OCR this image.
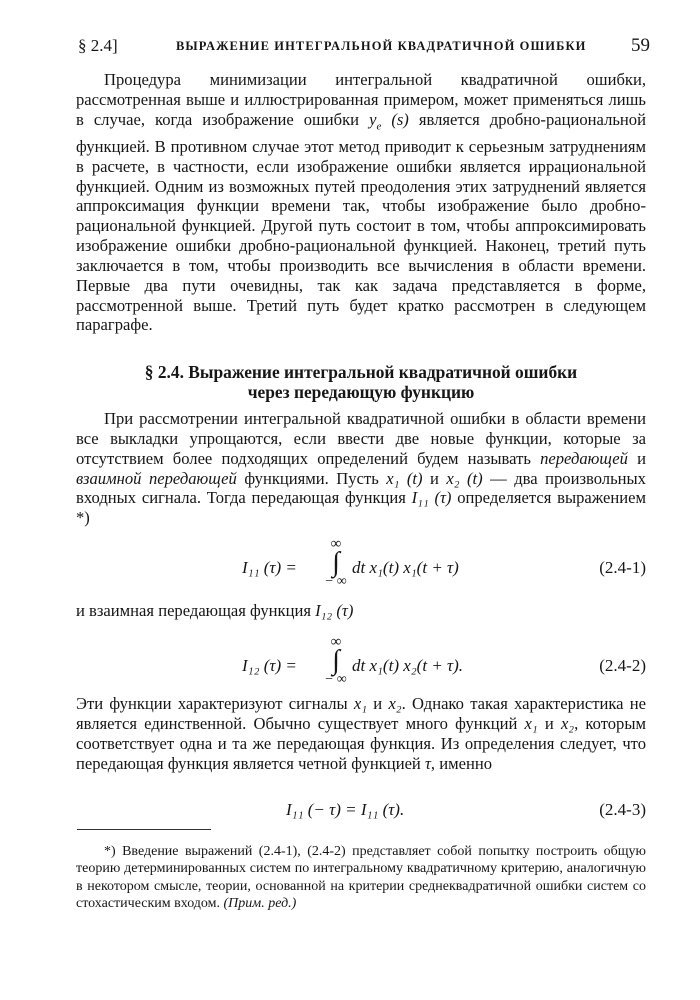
§ 2.4]	ВЫРАЖЕНИЕ ИНТЕГРАЛЬНОЙ КВАДРАТИЧНОЙ ОШИБКИ 59

Процедура минимизации интегральной квадратичной ошибки, рассмотренная выше и иллюстрированная примером, может применяться лишь в случае, когда изображение ошибки $y_e$ (s) является дробно-рациональной функцией. В противном случае этот метод приводит к серьезным затруднениям в расчете, в частности, если изображение ошибки является иррациональной функцией. Одним из возможных путей преодоления этих затруднений является аппроксимация функции времени так, чтобы изображение было дробно-рациональной функцией. Другой путь состоит в том, чтобы аппроксимировать изображение ошибки дробно-рациональной функцией. Наконец, третий путь заключается в том, чтобы производить все вычисления в области времени. Первые два пути очевидны, так как задача представляется в форме, рассмотренной выше. Третий путь будет кратко рассмотрен в следующем параграфе.

§ 2.4. Выражение интегральной квадратичной ошибки
через передающую функцию

При рассмотрении интегральной квадратичной ошибки в области времени все выкладки упрощаются, если ввести две новые функции, которые за отсутствием более подходящих определений будем называть передающей и взаимной передающей функциями. Пусть x₁ (t) и x₂ (t) — два произвольных входных сигнала. Тогда передающая функция I₁₁ (τ) определяется выражением *)

I₁₁ (τ) =
∞
∫
− ∞
dt x₁(t) x₁(t + τ)	(2.4-1)
и взаимная передающая функция I₁₂ (τ)
I₁₂ (τ) =
∞
∫
− ∞
dt x₁(t) x₂(t + τ).	(2.4-2)

Эти функции характеризуют сигналы x₁ и x₂. Однако такая характеристика не является единственной. Обычно существует много функций x₁ и x₂, которым соответствует одна и та же передающая функция. Из определения следует, что передающая функция является четной функцией τ, именно

I₁₁ (− τ) = I₁₁ (τ).	(2.4-3)

*) Введение выражений (2.4-1), (2.4-2) представляет собой попытку построить общую теорию детерминированных систем по интегральному квадратичному критерию, аналогичную в некотором смысле, теории, основанной на критерии среднеквадратичной ошибки систем со стохастическим входом. (Прим. ред.)
